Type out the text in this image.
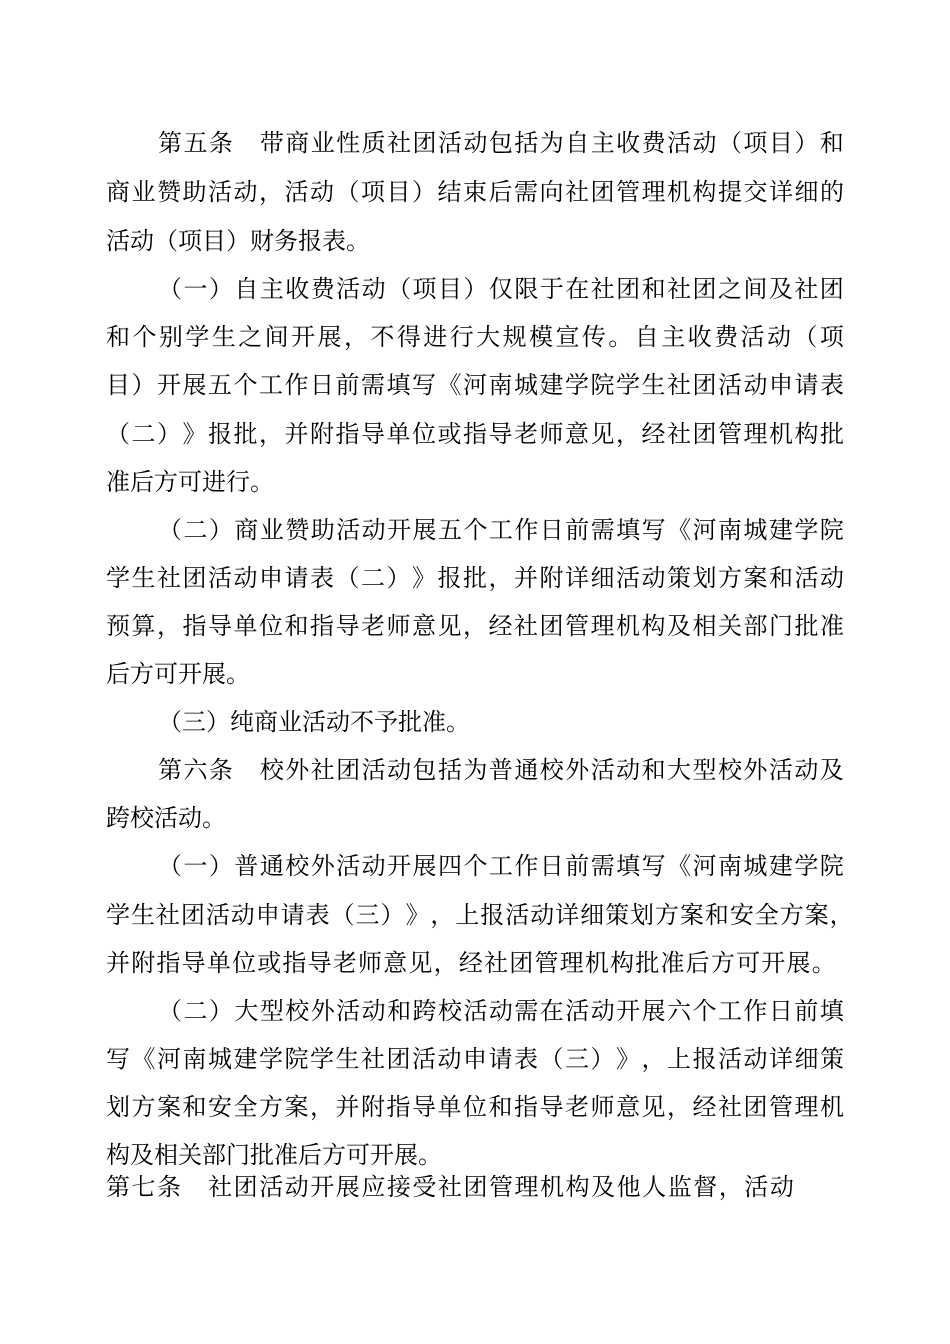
第 五 条
　 带 商 业 性 质 社 团 活 动 包 括 为 自 主 收 费 活 动 （ 项 目 ） 和
商 业 赞 助 活 动 ， 活 动 （ 项 目 ） 结 束 后 需 向 社 团 管 理 机 构 提 交 详 细 的
活动（项目）财务报表。
（ 一 ） 自 主 收 费 活 动 （ 项 目 ） 仅 限 于 在 社 团 和 社 团 之 间 及 社 团
和 个 别 学 生 之 间 开 展 ， 不 得 进 行 大 规 模 宣 传 。 自 主 收 费 活 动 （ 项
目 ） 开 展 五 个 工 作 日 前 需 填 写 《 河 南 城 建 学 院 学 生 社 团 活 动 申 请 表
（ 二 ） 》 报 批 ， 并 附 指 导 单 位 或 指 导 老 师 意 见 ， 经 社 团 管 理 机 构 批
准后方可进行。
（ 二 ） 商 业 赞 助 活 动 开 展 五 个 工 作 日 前 需 填 写 《 河 南 城 建 学 院
学 生 社 团 活 动 申 请 表 （ 二 ） 》 报 批 ， 并 附 详 细 活 动 策 划 方 案 和 活 动
预 算 ， 指 导 单 位 和 指 导 老 师 意 见 ， 经 社 团 管 理 机 构 及 相 关 部 门 批 准
后方可开展。
（三）纯商业活动不予批准。
第 六 条
　 校 外 社 团 活 动 包 括 为 普 通 校 外 活 动 和 大 型 校 外 活 动 及
跨校活动。
（ 一 ） 普 通 校 外 活 动 开 展 四 个 工 作 日 前 需 填 写 《 河 南 城 建 学 院
学 生 社 团 活 动 申 请 表 （ 三 ） 》 ， 上 报 活 动 详 细 策 划 方 案 和 安 全 方 案 ，
并 附 指 导 单 位 或 指 导 老 师 意 见 ， 经 社 团 管 理 机 构 批 准 后 方 可 开 展 。
（ 二 ） 大 型 校 外 活 动 和 跨 校 活 动 需 在 活 动 开 展 六 个 工 作 日 前 填
写 《 河 南 城 建 学 院 学 生 社 团 活 动 申 请 表 （ 三 ） 》 ， 上 报 活 动 详 细 策
划 方 案 和 安 全 方 案 ， 并 附 指 导 单 位 和 指 导 老 师 意 见 ， 经 社 团 管 理 机
构及相关部门批准后方可开展。
第 七 条
　 社 团 活 动 开 展 应 接 受 社 团 管 理 机 构 及 他 人 监 督 ， 活 动
